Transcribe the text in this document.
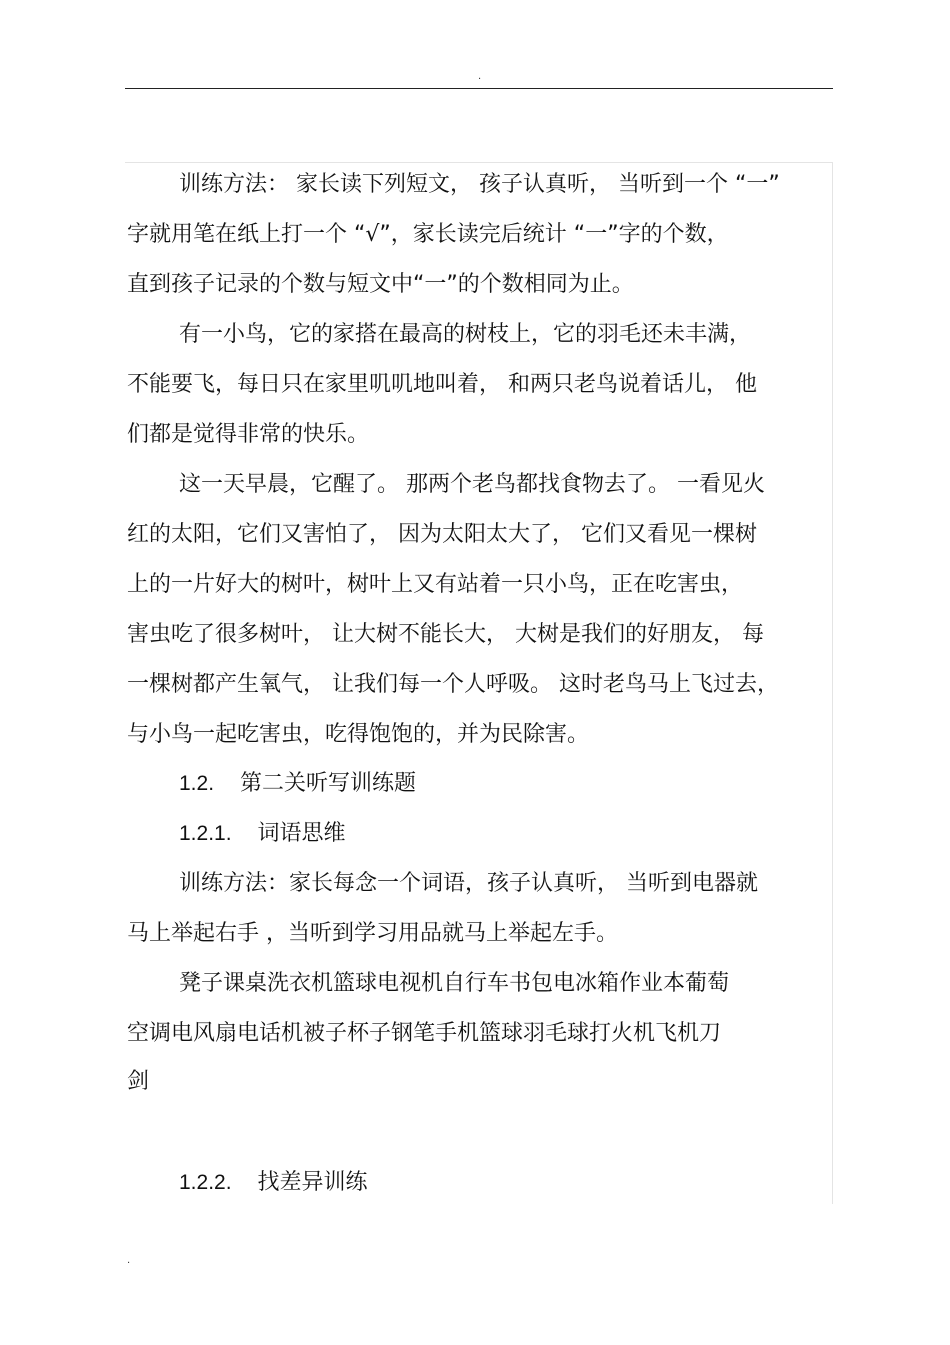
.
训练方法： 家长读下列短文， 孩子认真听， 当听到一个 “一”
字就用笔在纸上打一个 “√”，家长读完后统计 “一”字的个数，
直到孩子记录的个数与短文中“一”的个数相同为止。
有一小鸟，它的家搭在最高的树枝上，它的羽毛还未丰满，
不能要飞，每日只在家里叽叽地叫着， 和两只老鸟说着话儿， 他
们都是觉得非常的快乐。
这一天早晨，它醒了。 那两个老鸟都找食物去了。 一看见火
红的太阳，它们又害怕了， 因为太阳太大了， 它们又看见一棵树
上的一片好大的树叶，树叶上又有站着一只小鸟，正在吃害虫，
害虫吃了很多树叶， 让大树不能长大， 大树是我们的好朋友， 每
一棵树都产生氧气， 让我们每一个人呼吸。 这时老鸟马上飞过去，
与小鸟一起吃害虫，吃得饱饱的，并为民除害。
1.2. 第二关听写训练题
1.2.1. 词语思维
训练方法：家长每念一个词语，孩子认真听， 当听到电器就
马上举起右手 ，当听到学习用品就马上举起左手。
凳子课桌洗衣机篮球电视机自行车书包电冰箱作业本葡萄
空调电风扇电话机被子杯子钢笔手机篮球羽毛球打火机飞机刀
剑
1.2.2. 找差异训练
.
